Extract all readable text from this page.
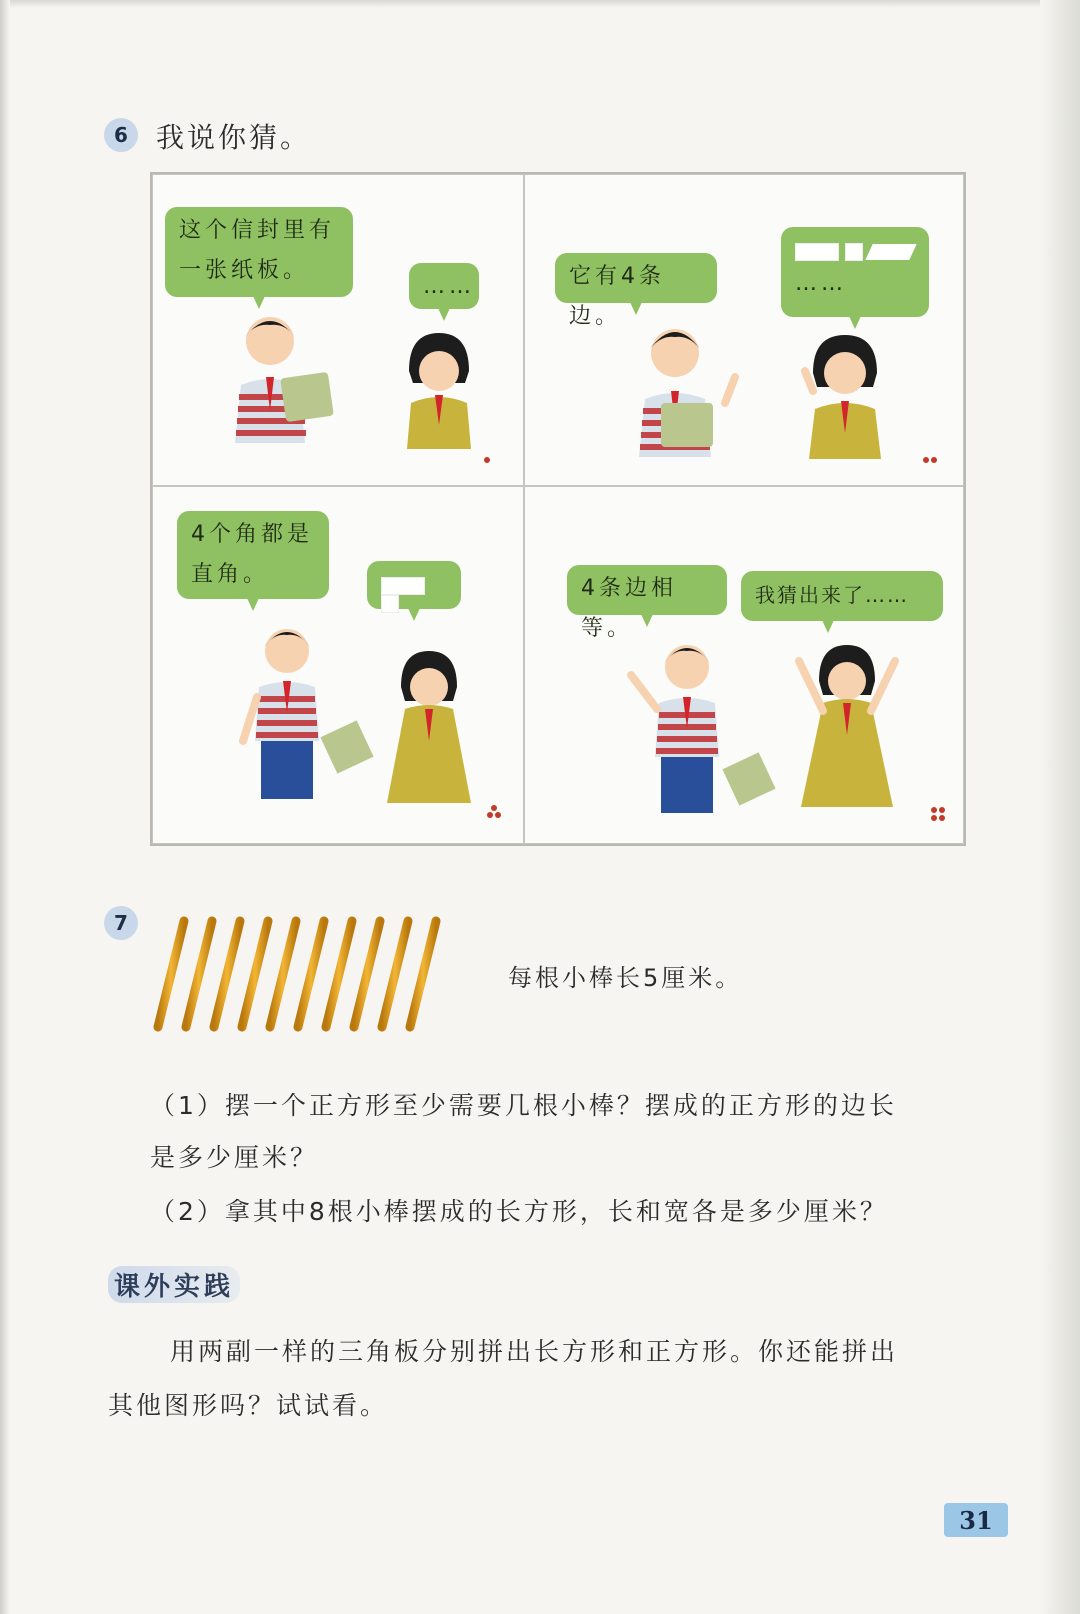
6	我说你猜。
这个信封里有
一张纸板。
……	它有4条边。
……
4个角都是
直角。
4条边相等。
我猜出来了……
7
每根小棒长5厘米。
（1）摆一个正方形至少需要几根小棒？摆成的正方形的边长
是多少厘米？
（2）拿其中8根小棒摆成的长方形，长和宽各是多少厘米？
课外实践
用两副一样的三角板分别拼出长方形和正方形。你还能拼出
其他图形吗？试试看。
31
